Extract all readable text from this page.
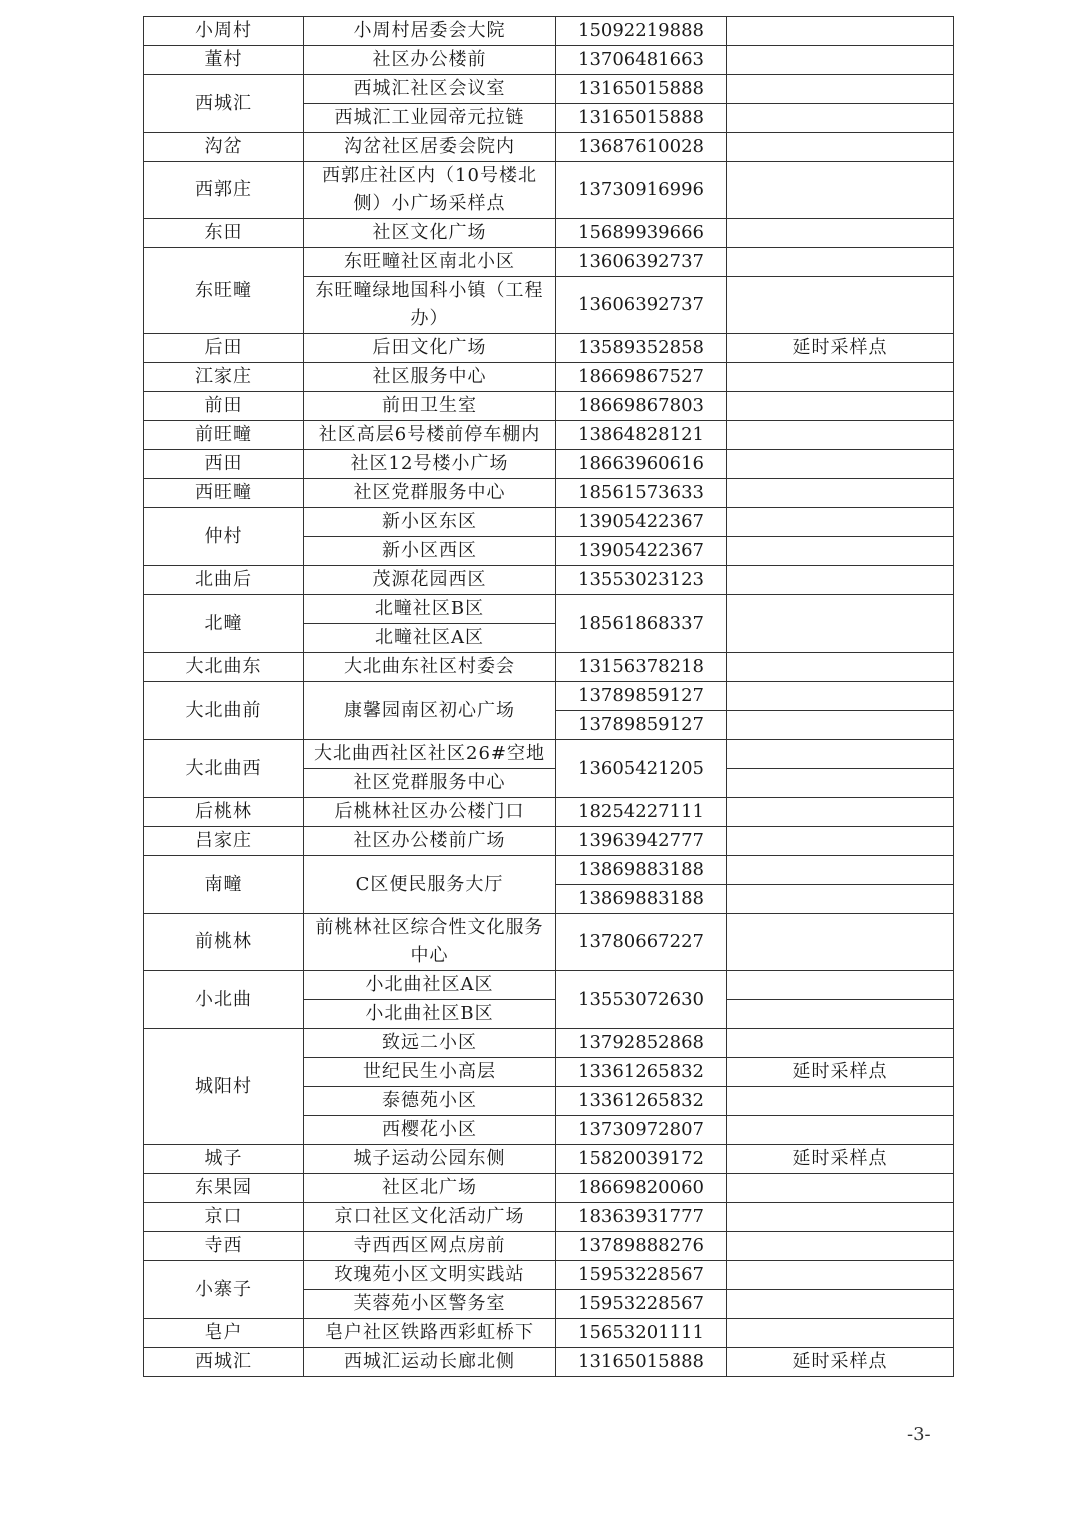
小周村	小周村居委会大院	15092219888	
董村	社区办公楼前	13706481663	
西城汇	西城汇社区会议室	13165015888	
	西城汇工业园帝元拉链	13165015888	
沟岔	沟岔社区居委会院内	13687610028	
西郭庄	西郭庄社区内（10号楼北侧）小广场采样点	13730916996	
东田	社区文化广场	15689939666	
东旺疃	东旺疃社区南北小区	13606392737	
	东旺疃绿地国科小镇（工程办）	13606392737	
后田	后田文化广场	13589352858	延时采样点
江家庄	社区服务中心	18669867527	
前田	前田卫生室	18669867803	
前旺疃	社区高层6号楼前停车棚内	13864828121	
西田	社区12号楼小广场	18663960616	
西旺疃	社区党群服务中心	18561573633	
仲村	新小区东区	13905422367	
	新小区西区	13905422367	
北曲后	茂源花园西区	13553023123	
北疃	北疃社区B区	18561868337	
	北疃社区A区		
大北曲东	大北曲东社区村委会	13156378218	
大北曲前	康馨园南区初心广场	13789859127	
		13789859127	
大北曲西	大北曲西社区社区26#空地	13605421205	
	社区党群服务中心		
后桃林	后桃林社区办公楼门口	18254227111	
吕家庄	社区办公楼前广场	13963942777	
南疃	C区便民服务大厅	13869883188	
		13869883188	
前桃林	前桃林社区综合性文化服务中心	13780667227	
小北曲	小北曲社区A区	13553072630	
	小北曲社区B区		
城阳村	致远二小区	13792852868	
	世纪民生小高层	13361265832	延时采样点
	泰德苑小区	13361265832	
	西樱花小区	13730972807	
城子	城子运动公园东侧	15820039172	延时采样点
东果园	社区北广场	18669820060	
京口	京口社区文化活动广场	18363931777	
寺西	寺西西区网点房前	13789888276	
小寨子	玫瑰苑小区文明实践站	15953228567	
	芙蓉苑小区警务室	15953228567	
皂户	皂户社区铁路西彩虹桥下	15653201111	
西城汇	西城汇运动长廊北侧	13165015888	延时采样点
-3-
